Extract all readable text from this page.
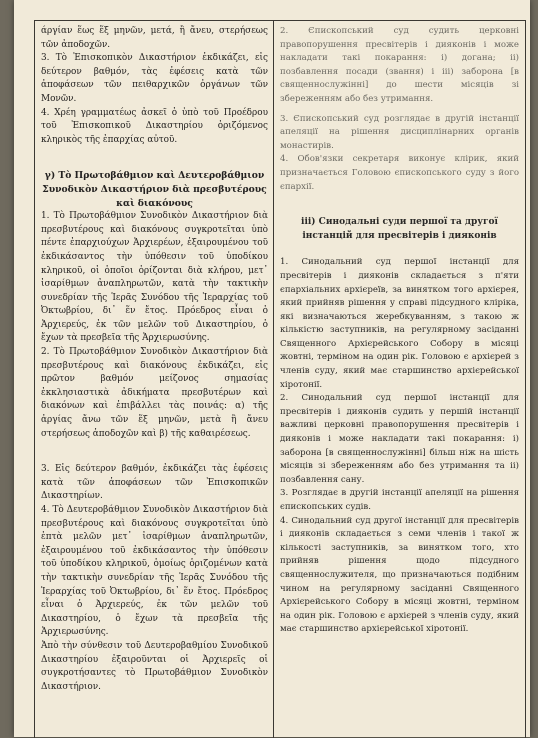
άργίαν ἕως ἕξ μηνῶν, μετά, ἢ ἄνευ, στερήσεως τῶν ἀποδοχῶν.

3. Τὸ Ἐπισκοπικὸν Δικαστήριον ἐκδικάζει, εἰς δεύτερον βαθμόν, τὰς ἐφέσεις κατὰ τῶν ἀποφάσεων τῶν πειθαρχικῶν ὀργάνων τῶν Μονῶν.

4. Χρέη γραμματέως ἀσκεῖ ὁ ὑπὸ τοῦ Προέδρου τοῦ Ἐπισκοπικοῦ Δικαστηρίου ὁριζόμενος κληρικὸς τῆς ἐπαρχίας αὐτοῦ.

γ) Τὸ Πρωτοβάθμιον καὶ Δευτεροβάθμιον Συνοδικὸν Δικαστήριον διὰ πρεσβυτέρους καὶ διακόνους

1. Τὸ Πρωτοβάθμιον Συνοδικὸν Δικαστήριον διὰ πρεσβυτέρους καὶ διακόνους συγκροτεῖται ὑπὸ πέντε ἐπαρχιούχων Ἀρχιερέων, ἐξαιρουμένου τοῦ ἐκδικάσαντος τὴν ὑπόθεσιν τοῦ ὑποδίκου κληρικοῦ, οἱ ὁποῖοι ὁρίζονται διὰ κλήρου, μετ᾽ ἰσαρίθμων ἀναπληρωτῶν, κατὰ τὴν τακτικὴν συνεδρίαν τῆς Ἱερᾶς Συνόδου τῆς Ἱεραρχίας τοῦ Ὀκτωβρίου, δι᾽ ἕν ἔτος. Πρόεδρος εἶναι ὁ Ἀρχιερεύς, ἐκ τῶν μελῶν τοῦ Δικαστηρίου, ὁ ἔχων τὰ πρεσβεῖα τῆς Ἀρχιερωσύνης.

2. Τὸ Πρωτοβάθμιον Συνοδικὸν Δικαστήριον διὰ πρεσβυτέρους καὶ διακόνους ἐκδικάζει, εἰς πρῶτον βαθμόν μείζονος σημασίας ἐκκλησιαστικὰ ἀδικήματα πρεσβυτέρων καὶ διακόνων καὶ ἐπιβάλλει τὰς ποινάς: α) τῆς ἀργίας ἄνω τῶν ἕξ μηνῶν, μετὰ ἢ ἄνευ στερήσεως ἀποδοχῶν καὶ β) τῆς καθαιρέσεως.

3. Εἰς δεύτερον βαθμόν, ἐκδικάζει τὰς ἐφέσεις κατὰ τῶν ἀποφάσεων τῶν Ἐπισκοπικῶν Δικαστηρίων.

4. Τὸ Δευτεροβάθμιον Συνοδικὸν Δικαστήριον διὰ πρεσβυτέρους καὶ διακόνους συγκροτεῖται ὑπὸ ἑπτὰ μελῶν μετ᾽ ἰσαρίθμων ἀναπληρωτῶν, ἐξαιρουμένου τοῦ ἐκδικάσαντος τὴν ὑπόθεσιν τοῦ ὑποδίκου κληρικοῦ, ὁμοίως ὁριζομένων κατὰ τὴν τακτικὴν συνεδρίαν τῆς Ἱερᾶς Συνόδου τῆς Ἱεραρχίας τοῦ Ὀκτωβρίου, δι᾽ ἕν ἔτος. Πρόεδρος εἶναι ὁ Ἀρχιερεύς, ἐκ τῶν μελῶν τοῦ Δικαστηρίου, ὁ ἔχων τὰ πρεσβεῖα τῆς Ἀρχιερωσύνης.

Ἀπὸ τὴν σύνθεσιν τοῦ Δευτεροβαθμίου Συνοδικοῦ Δικαστηρίου ἐξαιροῦνται οἱ Ἀρχιερεῖς οἱ συγκροτήσαντες τὸ Πρωτοβάθμιον Συνοδικὸν Δικαστήριον.

2. Єпископський суд судить церковні правопорушення пресвітерів і дияконів і може накладати такі покарання: i) догана; ii) позбавлення посади (звання) і iii) заборона [в священнослужінні] до шести місяців зі збереженням або без утримання.

3. Єпископський суд розглядає в другій інстанції апеляції на рішення дисциплінарних органів монастирів.

4. Обов'язки секретаря виконує клірик, який призначається Головою єпископського суду з його єпархії.

iii) Синодальні суди першої та другої інстанцій для пресвітерів і дияконів

1. Синодальний суд першої інстанції для пресвітерів і дияконів складається з п'яти єпархіальних архієреїв, за винятком того архієрея, який прийняв рішення у справі підсудного кліріка, які визначаються жеребкуванням, з такою ж кількістю заступників, на регулярному засіданні Священного Архієрейського Собору в місяці жовтні, терміном на один рік. Головою є архієрей з членів суду, який має старшинство архієрейської хіротонії.

2. Синодальний суд першої інстанції для пресвітерів і дияконів судить у першій інстанції важливі церковні правопорушення пресвітерів і дияконів і може накладати такі покарання: i) заборона [в священнослужінні] більш ніж на шість місяців зі збереженням або без утримання та ii) позбавлення сану.

3. Розглядає в другій інстанції апеляції на рішення єпископських судів.

4. Синодальний суд другої інстанції для пресвітерів і дияконів складається з семи членів і такої ж кількості заступників, за винятком того, хто прийняв рішення щодо підсудного священнослужителя, що призначаються подібним чином на регулярному засіданні Священного Архієрейського Собору в місяці жовтні, терміном на один рік. Головою є архієрей з членів суду, який має старшинство архієрейської хіротонії.
